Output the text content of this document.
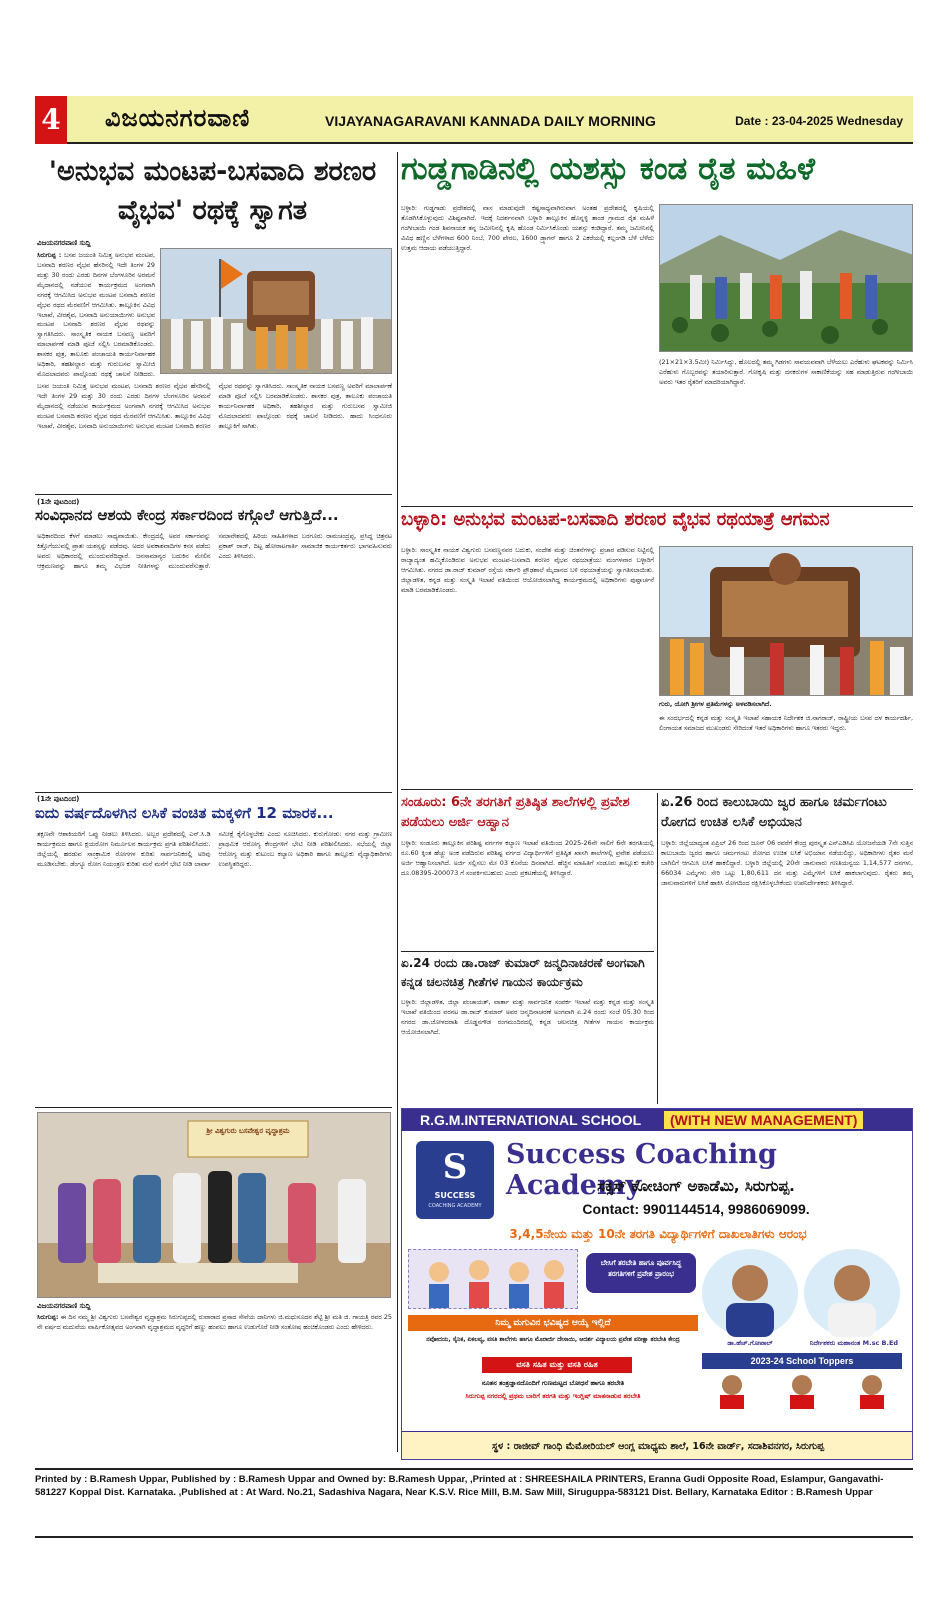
4 ವಿಜಯನಗರವಾಣಿ	VIJAYANAGARAVANI KANNADA DAILY MORNING	Date : 23-04-2025 Wednesday
'ಅನುಭವ ಮಂಟಪ-ಬಸವಾದಿ ಶರಣರ ವೈಭವ' ರಥಕ್ಕೆ ಸ್ವಾಗತ
ವಿಜಯನಗರವಾಣಿ ಸುದ್ದಿ
ಸಿರುಗುಪ್ಪ : ಬಸವ ಜಯಂತಿ ನಿಮಿತ್ತ ಅನುಭವ ಮಂಟಪ, ಬಸವಾದಿ ಶರಣರ ವೈಭವ ಹೆಸರಿನಲ್ಲಿ ಇದೇ ತಿಂಗಳ 29 ಮತ್ತು 30 ರಂದು ಎರಡು ದಿನಗಳ ಬೆಂಗಳೂರಿನ ಅರಮನೆ ಮೈದಾನದಲ್ಲಿ ನಡೆಯುವ ಕಾರ್ಯಕ್ರಮದ ಅಂಗವಾಗಿ ನಗರಕ್ಕೆ ಆಗಮಿಸಿದ ಅನುಭವ ಮಂಟಪ ಬಸವಾದಿ ಶರಣರ ವೈಭವ ರಥದ ಮೆರವಣಿಗೆ ಆಗಮಿಸಿತು. ತಾಲ್ಲೂಕಿನ ವಿವಿಧ ಇಲಾಖೆ, ವೀರಶೈವ, ಬಸವಾದಿ ಅನುಯಾಯಿಗಳು ಅನುಭವ ಮಂಟಪ ಬಸವಾದಿ ಶರಣರ ವೈಭವ ರಥವನ್ನು ಸ್ವಾಗತಿಸಿದರು. ಸಾಂಸ್ಕೃತಿಕ ನಾಯಕ ಬಸವಣ್ಣ ಅವರಿಗೆ ಮಾಲಾರ್ಪಣೆ ಮಾಡಿ ಪೂಜೆ ಸಲ್ಲಿಸಿ ಬರಮಾಡಿಕೊಂಡರು. ಶಾಸಕರ ಪುತ್ರ, ತಾಲೂಕು ಪಂಚಾಯತಿ ಕಾರ್ಯನಿರ್ವಾಹಕ ಅಧಿಕಾರಿ, ತಹಶೀಲ್ದಾರ ಮತ್ತು ಗುರುಬಸವ ಸ್ವಾಮೀಜಿ ಮೊದಲಾದವರು ಪಾಲ್ಗೊಂಡು ರಥಕ್ಕೆ ಚಾಲನೆ ನೀಡಿದರು.
ಬಸವ ಜಯಂತಿ ನಿಮಿತ್ತ ಅನುಭವ ಮಂಟಪ, ಬಸವಾದಿ ಶರಣರ ವೈಭವ ಹೆಸರಿನಲ್ಲಿ ಇದೇ ತಿಂಗಳ 29 ಮತ್ತು 30 ರಂದು ಎರಡು ದಿನಗಳ ಬೆಂಗಳೂರಿನ ಅರಮನೆ ಮೈದಾನದಲ್ಲಿ ನಡೆಯುವ ಕಾರ್ಯಕ್ರಮದ ಅಂಗವಾಗಿ ನಗರಕ್ಕೆ ಆಗಮಿಸಿದ ಅನುಭವ ಮಂಟಪ ಬಸವಾದಿ ಶರಣರ ವೈಭವ ರಥದ ಮೆರವಣಿಗೆ ಆಗಮಿಸಿತು. ತಾಲ್ಲೂಕಿನ ವಿವಿಧ ಇಲಾಖೆ, ವೀರಶೈವ, ಬಸವಾದಿ ಅನುಯಾಯಿಗಳು ಅನುಭವ ಮಂಟಪ ಬಸವಾದಿ ಶರಣರ ವೈಭವ ರಥವನ್ನು ಸ್ವಾಗತಿಸಿದರು. ಸಾಂಸ್ಕೃತಿಕ ನಾಯಕ ಬಸವಣ್ಣ ಅವರಿಗೆ ಮಾಲಾರ್ಪಣೆ ಮಾಡಿ ಪೂಜೆ ಸಲ್ಲಿಸಿ ಬರಮಾಡಿಕೊಂಡರು. ಶಾಸಕರ ಪುತ್ರ, ತಾಲೂಕು ಪಂಚಾಯತಿ ಕಾರ್ಯನಿರ್ವಾಹಕ ಅಧಿಕಾರಿ, ತಹಶೀಲ್ದಾರ ಮತ್ತು ಗುರುಬಸವ ಸ್ವಾಮೀಜಿ ಮೊದಲಾದವರು ಪಾಲ್ಗೊಂಡು ರಥಕ್ಕೆ ಚಾಲನೆ ನೀಡಿದರು. ಹಾದು ಸಿಂಧನೂರು ತಾಲ್ಲೂಕಿಗೆ ಸಾಗಿತು.
(1ನೇ ಪುಟದಿಂದ)
ಸಂವಿಧಾನದ ಆಶಯ ಕೇಂದ್ರ ಸರ್ಕಾರದಿಂದ ಕಗ್ಗೊಲೆ ಆಗುತ್ತಿದೆ...
ಅಧಿಕಾರದಿಂದ ಕೆಳಗೆ ಮಾಡಲು ಸಾಧ್ಯವಾಯಿತು. ಕೇಂದ್ರದಲ್ಲಿ ಅವರ ಸರ್ಕಾರವನ್ನು ಕಿತ್ತೊಗೆಯುವಲ್ಲಿ ಪ್ರಾತಃ ಯಶಸ್ಸನ್ನು ಪಡೆದವು. ಅದರ ಅವಕಾಶವಾದಿಗಳ ಕನಸ ಪಡೆದು ಅವರು ಅಧಿಕಾರದಲ್ಲಿ ಮುಂದುವರೆದಿದ್ದಾರೆ. ಜನಸಾಮಾನ್ಯರ ಬದುಕಿನ ಮೇಲಿನ ಆಕ್ರಮಣವನ್ನು ಹಾಗೂ ತಮ್ಮ ವಿಭಜಕ ನೀತಿಗಳನ್ನು ಮುಂದುವರೆಸುತ್ತಾರೆ. ಸಮಾವೇಶದಲ್ಲಿ ಹಿರಿಯ ಸಾಹಿತಿಗಳಾದ ಬರಗೂರು ರಾಮಚಂದ್ರಪ್ಪ, ಪ್ರಸಿದ್ಧ ಚಿತ್ರನಟ ಪ್ರಕಾಶ್ ರಾಜ್, ದಿಟ್ಟ ಹೋರಾಟಗಾರ್ತಿ ಸಾಮಾಜಿಕ ಕಾರ್ಯಕರ್ತರು ಭಾಗವಹಿಸುವರು ಎಂದು ತಿಳಿಸಿದರು.
(1ನೇ ಪುಟದಿಂದ)
ಐದು ವರ್ಷದೊಳಗಿನ ಲಸಿಕೆ ವಂಚಿತ ಮಕ್ಕಳಿಗೆ 12 ಮಾರಕ...
ತಕ್ಷಣವೇ ಆಶಾಕಿಯರಿಗೆ ಒಪ್ಪು ನೀಡಲು ತಿಳಿಸಿದರು. ಅಬ್ಬರ ಪ್ರದೇಶದಲ್ಲಿ ಎನ್.ಸಿ.ಡಿ ಕಾರ್ಯಕ್ರಮದ ಹಾಗೂ ಕ್ಷಯರೋಗ ನಿರ್ಮೂಲನ ಕಾರ್ಯಕ್ರಮ ಪ್ರಗತಿ ಪರಿಶೀಲಿಸಿದರು. ಜಿಲ್ಲೆಯಲ್ಲಿ ಹರಡುವ ಸಾಂಕ್ರಾಮಿಕ ರೋಗಗಳ ಕುರಿತು ಸಾರ್ವಜನಿಕರಲ್ಲಿ ಅರಿವು ಮೂಡಿಸಬೇಕು. ಡೆಂಗ್ಯೂ ರೋಗ ನಿಯಂತ್ರಣ ಕುರಿತು ಮನೆ ಮನೆಗೆ ಭೇಟಿ ನೀಡಿ ಲಾರ್ವಾ ಸಮೀಕ್ಷೆ ಕೈಗೊಳ್ಳಬೇಕು ಎಂದು ಸೂಚಿಸಿದರು. ಕುರುಗೋಡು: ನಗರ ಮತ್ತು ಗ್ರಾಮೀಣ ಪ್ರಾಥಮಿಕ ಆರೋಗ್ಯ ಕೇಂದ್ರಗಳಿಗೆ ಭೇಟಿ ನೀಡಿ ಪರಿಶೀಲಿಸಿದರು. ಸಭೆಯಲ್ಲಿ ಜಿಲ್ಲಾ ಆರೋಗ್ಯ ಮತ್ತು ಕುಟುಂಬ ಕಲ್ಯಾಣ ಅಧಿಕಾರಿ ಹಾಗೂ ತಾಲ್ಲೂಕು ವೈದ್ಯಾಧಿಕಾರಿಗಳು ಉಪಸ್ಥಿತರಿದ್ದರು.
ಶ್ರೀ ವಿಶ್ವಗುರು ಬಸವೇಶ್ವರ ವೃದ್ಧಾಶ್ರಮ
ವಿಜಯನಗರವಾಣಿ ಸುದ್ದಿ
ಸಿರುಗುಪ್ಪ: ಈ ದಿನ ನಮ್ಮ ಶ್ರೀ ವಿಶ್ವಗುರು ಬಸವೇಶ್ವರ ವೃದ್ಧಾಶ್ರಮ ಸಿರುಗುಪ್ಪದಲ್ಲಿ ರುವಾರಾದ ಪ್ರಸಾದ ಸೇವೆಯ ದಾನಿಗಳು ಜಿ.ಮಧುಸೂದನ ಶೆಟ್ಟಿ ಶ್ರೀ ಮತಿ ಜಿ. ಗಾಯತ್ರಿ ರವರ 25 ನೇ ವರ್ಷದ ಮದುವೆಯ ವಾರ್ಷಿಕೋತ್ಸವದ ಅಂಗವಾಗಿ ವೃದ್ಧಾಶ್ರಮದ ವೃದ್ಧರಿಗೆ ಹಣ್ಣು ಹಂಪಲು ಹಾಗೂ ಉಡುಗೊರೆ ನೀಡಿ ಸಂತೋಷ ಹಂಚಿಕೊಂಡರು ಎಂದು ಹೇಳಿದರು.
ಗುಡ್ಡಗಾಡಿನಲ್ಲಿ ಯಶಸ್ಸು ಕಂಡ ರೈತ ಮಹಿಳೆ
ಬಳ್ಳಾರಿ: ಗುಡ್ಡಗಾಡು ಪ್ರದೇಶದಲ್ಲಿ ವಾಸ ಮಾಡುವುದೇ ಕಷ್ಟಸಾಧ್ಯವಾಗಿರುವಾಗ ಅಂತಹ ಪ್ರದೇಶದಲ್ಲಿ ಕೃಷಿಯಲ್ಲಿ ತೊಡಗಿಸಿಕೊಳ್ಳುವುದು ವಿಶಿಷ್ಟವಾಗಿದೆ. ಇದಕ್ಕೆ ನಿದರ್ಶನವಾಗಿ ಬಳ್ಳಾರಿ ತಾಲ್ಲೂಕಿನ ಹೊನ್ನಳ್ಳಿ ತಾಂಡ ಗ್ರಾಮದ ರೈತ ಮಹಿಳೆ ಗಂಗೀಬಾಯಿ ಗಂಡ ಶಿವನಾಯಕ ತನ್ನ ಜಮೀನಿನಲ್ಲಿ ಕೃಷಿ ಹೊಂಡ ನಿರ್ಮಿಸಿಕೊಂಡು ಯಶಸ್ಸು ಕಂಡಿದ್ದಾರೆ. ತಮ್ಮ ಜಮೀನಿನಲ್ಲಿ ವಿವಿಧ ಹಣ್ಣಿನ ಬೆಳೆಗಳಾದ 600 ನಿಂಬೆ, 700 ಪೇರಲ, 1600 ಡ್ರ್ಯಾಗನ್ ಹಾಗೂ 2 ಎಕರೆಯಲ್ಲಿ ಕಲ್ಲಂಗಡಿ ಬೆಳೆ ಬೆಳೆದು ಉತ್ತಮ ಆದಾಯ ಪಡೆಯುತ್ತಿದ್ದಾರೆ.
(21×21×3.5ಮೀ) ನಿರ್ಮಿಸಿದ್ದು, ಹೊಲದಲ್ಲಿ ತಮ್ಮ ಗಿಡಗಳು ಸಾವಯವವಾಗಿ ಬೆಳೆಯಲು ಎರೆಹುಳು ಘಟಕವನ್ನು ನಿರ್ಮಿಸಿ ಎರೆಹುಳು ಗೊಬ್ಬರವನ್ನು ತಯಾರಿಸುತ್ತಾರೆ. ಗೋಕೃಷಿ ಮತ್ತು ದನಕರುಗಳ ಸಾಕಾಣಿಕೆಯನ್ನು ಸಹ ಮಾಡುತ್ತಿರುವ ಗಂಗೀಬಾಯಿ ಅವರು ಇತರ ರೈತರಿಗೆ ಮಾದರಿಯಾಗಿದ್ದಾರೆ.
ಬಳ್ಳಾರಿ: ಅನುಭವ ಮಂಟಪ-ಬಸವಾದಿ ಶರಣರ ವೈಭವ ರಥಯಾತ್ರೆ ಆಗಮನ
ಬಳ್ಳಾರಿ: ಸಾಂಸ್ಕೃತಿಕ ನಾಯಕ ವಿಶ್ವಗುರು ಬಸವಣ್ಣನವರ ಬದುಕು, ಸಂದೇಶ ಮತ್ತು ಚಿಂತನೆಗಳನ್ನು ಪ್ರಚಾರ ಪಡಿಸುವ ನಿಟ್ಟಿನಲ್ಲಿ ರಾಜ್ಯಾದ್ಯಂತ ಹಮ್ಮಿಕೊಂಡಿರುವ ಅನುಭವ ಮಂಟಪ-ಬಸವಾದಿ ಶರಣರ ವೈಭವ ರಥಯಾತ್ರೆಯು ಮಂಗಳವಾರ ಬಳ್ಳಾರಿಗೆ ಆಗಮಿಸಿತು. ನಗರದ ಡಾ.ರಾಜ್ ಕುಮಾರ್ ರಸ್ತೆಯ ಸರ್ಕಾರಿ ಪ್ರೌಢಶಾಲೆ ಮೈದಾನದ ಬಳಿ ರಥಯಾತ್ರೆಯನ್ನು ಸ್ವಾಗತಿಸಲಾಯಿತು. ಜಿಲ್ಲಾಡಳಿತ, ಕನ್ನಡ ಮತ್ತು ಸಂಸ್ಕೃತಿ ಇಲಾಖೆ ವತಿಯಿಂದ ಆಯೋಜಿಸಲಾಗಿದ್ದ ಕಾರ್ಯಕ್ರಮದಲ್ಲಿ ಅಧಿಕಾರಿಗಳು ಪುಷ್ಪಾರ್ಚನೆ ಮಾಡಿ ಬರಮಾಡಿಕೊಂಡರು.
ಗುರು, ಯೋಗಿ ಶ್ರೀಗಳ ಪ್ರತಿಮೆಗಳನ್ನು ಅಳವಡಿಸಲಾಗಿದೆ.
ಈ ಸಂದರ್ಭದಲ್ಲಿ ಕನ್ನಡ ಮತ್ತು ಸಂಸ್ಕೃತಿ ಇಲಾಖೆ ಸಹಾಯಕ ನಿರ್ದೇಶಕ ಜಿ.ನಾಗರಾಜ್, ರಾಷ್ಟ್ರೀಯ ಬಸವ ದಳ ಕಾರ್ಯದರ್ಶಿ, ಲಿಂಗಾಯತ ಸಮಾಜದ ಮುಖಂಡರು ಸೇರಿದಂತೆ ಇತರೆ ಅಧಿಕಾರಿಗಳು ಹಾಗೂ ಇತರರು ಇದ್ದರು.
ಸಂಡೂರು: 6ನೇ ತರಗತಿಗೆ ಪ್ರತಿಷ್ಠಿತ ಶಾಲೆಗಳಲ್ಲಿ ಪ್ರವೇಶ ಪಡೆಯಲು ಅರ್ಜಿ ಆಹ್ವಾನ
ಬಳ್ಳಾರಿ: ಸಂಡೂರು ತಾಲ್ಲೂಕಿನ ಪರಿಶಿಷ್ಟ ವರ್ಗಗಳ ಕಲ್ಯಾಣ ಇಲಾಖೆ ವತಿಯಿಂದ 2025-26ನೇ ಸಾಲಿಗೆ 6ನೇ ತರಗತಿಯಲ್ಲಿ ರೂ.60 ಕ್ಕಿಂತ ಹೆಚ್ಚು ಅಂಕ ಪಡೆದಿರುವ ಪರಿಶಿಷ್ಟ ವರ್ಗದ ವಿದ್ಯಾರ್ಥಿಗಳಿಗೆ ಪ್ರತಿಷ್ಠಿತ ಖಾಸಗಿ ಶಾಲೆಗಳಲ್ಲಿ ಪ್ರವೇಶ ಪಡೆಯಲು ಅರ್ಜಿ ಆಹ್ವಾನಿಸಲಾಗಿದೆ. ಅರ್ಜಿ ಸಲ್ಲಿಸಲು ಮೇ 03 ಕೊನೆಯ ದಿನವಾಗಿದೆ. ಹೆಚ್ಚಿನ ಮಾಹಿತಿಗೆ ಸಂಡೂರು ತಾಲ್ಲೂಕು ಕಚೇರಿ ದೂ.08395-200073 ಗೆ ಸಂಪರ್ಕಿಸಬಹುದು ಎಂದು ಪ್ರಕಟಣೆಯಲ್ಲಿ ತಿಳಿಸಿದ್ದಾರೆ.
ಏ.24 ರಂದು ಡಾ.ರಾಜ್ ಕುಮಾರ್ ಜನ್ಮದಿನಾಚರಣೆ ಅಂಗವಾಗಿ ಕನ್ನಡ ಚಲನಚಿತ್ರ ಗೀತೆಗಳ ಗಾಯನ ಕಾರ್ಯಕ್ರಮ
ಬಳ್ಳಾರಿ: ಜಿಲ್ಲಾಡಳಿತ, ಜಿಲ್ಲಾ ಪಂಚಾಯತ್, ವಾರ್ತಾ ಮತ್ತು ಸಾರ್ವಜನಿಕ ಸಂಪರ್ಕ ಇಲಾಖೆ ಮತ್ತು ಕನ್ನಡ ಮತ್ತು ಸಂಸ್ಕೃತಿ ಇಲಾಖೆ ವತಿಯಿಂದ ವರನಟ ಡಾ.ರಾಜ್ ಕುಮಾರ್ ಅವರ ಜನ್ಮದಿನಾಚರಣೆ ಅಂಗವಾಗಿ ಏ.24 ರಂದು ಸಂಜೆ 05.30 ರಿಂದ ನಗರದ ಡಾ.ಜೋಳದರಾಶಿ ದೊಡ್ಡನಗೌಡ ರಂಗಮಂದಿರದಲ್ಲಿ ಕನ್ನಡ ಚಲನಚಿತ್ರ ಗೀತೆಗಳ ಗಾಯನ ಕಾರ್ಯಕ್ರಮ ಆಯೋಜಿಸಲಾಗಿದೆ.
ಏ.26 ರಿಂದ ಕಾಲುಬಾಯಿ ಜ್ವರ ಹಾಗೂ ಚರ್ಮಗಂಟು ರೋಗದ ಉಚಿತ ಲಸಿಕೆ ಅಭಿಯಾನ
ಬಳ್ಳಾರಿ: ಜಿಲ್ಲೆಯಾದ್ಯಂತ ಏಪ್ರಿಲ್ 26 ರಿಂದ ಜೂನ್ 06 ರವರೆಗೆ ಕೇಂದ್ರ ಪುರಸ್ಕೃತ ಎನ್‌ಎಡಿಸಿಪಿ ಯೋಜನೆಯಡಿ 7ನೇ ಸುತ್ತಿನ ಕಾಲುಬಾಯಿ ಜ್ವರದ ಹಾಗೂ ಚರ್ಮಗಂಟು ರೋಗದ ಉಚಿತ ಲಸಿಕೆ ಅಭಿಯಾನ ನಡೆಯಲಿದ್ದು, ಅಧಿಕಾರಿಗಳು ರೈತರ ಮನೆ ಬಾಗಿಲಿಗೆ ಆಗಮಿಸಿ ಲಸಿಕೆ ಹಾಕಲಿದ್ದಾರೆ. ಬಳ್ಳಾರಿ ಜಿಲ್ಲೆಯಲ್ಲಿ 20ನೇ ಜಾನುವಾರು ಗಣತಿಯನ್ವಯ 1,14,577 ದನಗಳು, 66034 ಎಮ್ಮೆಗಳು ಸೇರಿ ಒಟ್ಟು 1,80,611 ದನ ಮತ್ತು ಎಮ್ಮೆಗಳಿಗೆ ಲಸಿಕೆ ಹಾಕಲಾಗುವುದು. ರೈತರು ತಮ್ಮ ಜಾನುವಾರುಗಳಿಗೆ ಲಸಿಕೆ ಹಾಕಿಸಿ ರೋಗದಿಂದ ರಕ್ಷಿಸಿಕೊಳ್ಳಬೇಕೆಂದು ಉಪನಿರ್ದೇಶಕರು ತಿಳಿಸಿದ್ದಾರೆ.
R.G.M.INTERNATIONAL SCHOOL	(WITH NEW MANAGEMENT)
S
SUCCESS
COACHING ACADEMY
Success Coaching Academy
ಸಕ್ಸಸ್ ಕೋಚಿಂಗ್ ಅಕಾಡೆಮಿ, ಸಿರುಗುಪ್ಪ.
Contact: 9901144514, 9986069099.
3,4,5ನೇಯ ಮತ್ತು 10ನೇ ತರಗತಿ ವಿದ್ಯಾರ್ಥಿಗಳಿಗೆ ದಾಖಲಾತಿಗಳು ಆರಂಭ
ಬೇಸಿಗೆ ತರಬೇತಿ ಹಾಗೂ ಪೂರ್ವಸಿದ್ಧ ತರಗತಿಗಳಿಗೆ ಪ್ರವೇಶ ಪ್ರಾರಂಭ
ಡಾ.ಹೆಚ್.ಗೋಪಾಲ್	ನಿರ್ದೇಶಕರು ಮಹಾನಂತ M.sc B.Ed
ನಿಮ್ಮ ಮಗುವಿನ ಭವಿಷ್ಯದ ಆಯ್ಕೆ ಇಲ್ಲಿದೆ
ನವೋದಯ, ಸೈನಿಕ, ಏಕಲವ್ಯ, ವಸತಿ ಶಾಲೆಗಳು ಹಾಗೂ ಮೊರಾರ್ಜಿ ದೇಸಾಯಿ, ಆದರ್ಶ ವಿದ್ಯಾಲಯ ಪ್ರವೇಶ ಪರೀಕ್ಷಾ ತರಬೇತಿ ಕೇಂದ್ರ
ವಸತಿ ಸಹಿತ ಮತ್ತು ವಸತಿ ರಹಿತ	2023-24 School Toppers
ನೂತನ ತಂತ್ರಜ್ಞಾನದೊಂದಿಗೆ ಗುಣಮಟ್ಟದ ಬೋಧನೆ ಹಾಗೂ ತರಬೇತಿ
ಸಿರುಗುಪ್ಪ ನಗರದಲ್ಲಿ ಪ್ರಥಮ ಬಾರಿಗೆ ತರಗತಿ ಮತ್ತು ಇಂಗ್ಲಿಷ್ ಮಾತನಾಡುವ ತರಬೇತಿ
ಸ್ಥಳ : ರಾಜೀವ್ ಗಾಂಧಿ ಮೆಮೋರಿಯಲ್ ಆಂಗ್ಲ ಮಾಧ್ಯಮ ಶಾಲೆ, 16ನೇ ವಾರ್ಡ್, ಸದಾಶಿವನಗರ, ಸಿರುಗುಪ್ಪ
Printed by : B.Ramesh Uppar, Published by : B.Ramesh Uppar and Owned by: B.Ramesh Uppar, ,Printed at : SHREESHAILA PRINTERS, Eranna Gudi Opposite Road, Eslampur, Gangavathi-581227 Koppal Dist. Karnataka. ,Published at : At Ward. No.21, Sadashiva Nagara, Near K.S.V. Rice Mill, B.M. Saw Mill, Siruguppa-583121 Dist. Bellary, Karnataka Editor : B.Ramesh Uppar
